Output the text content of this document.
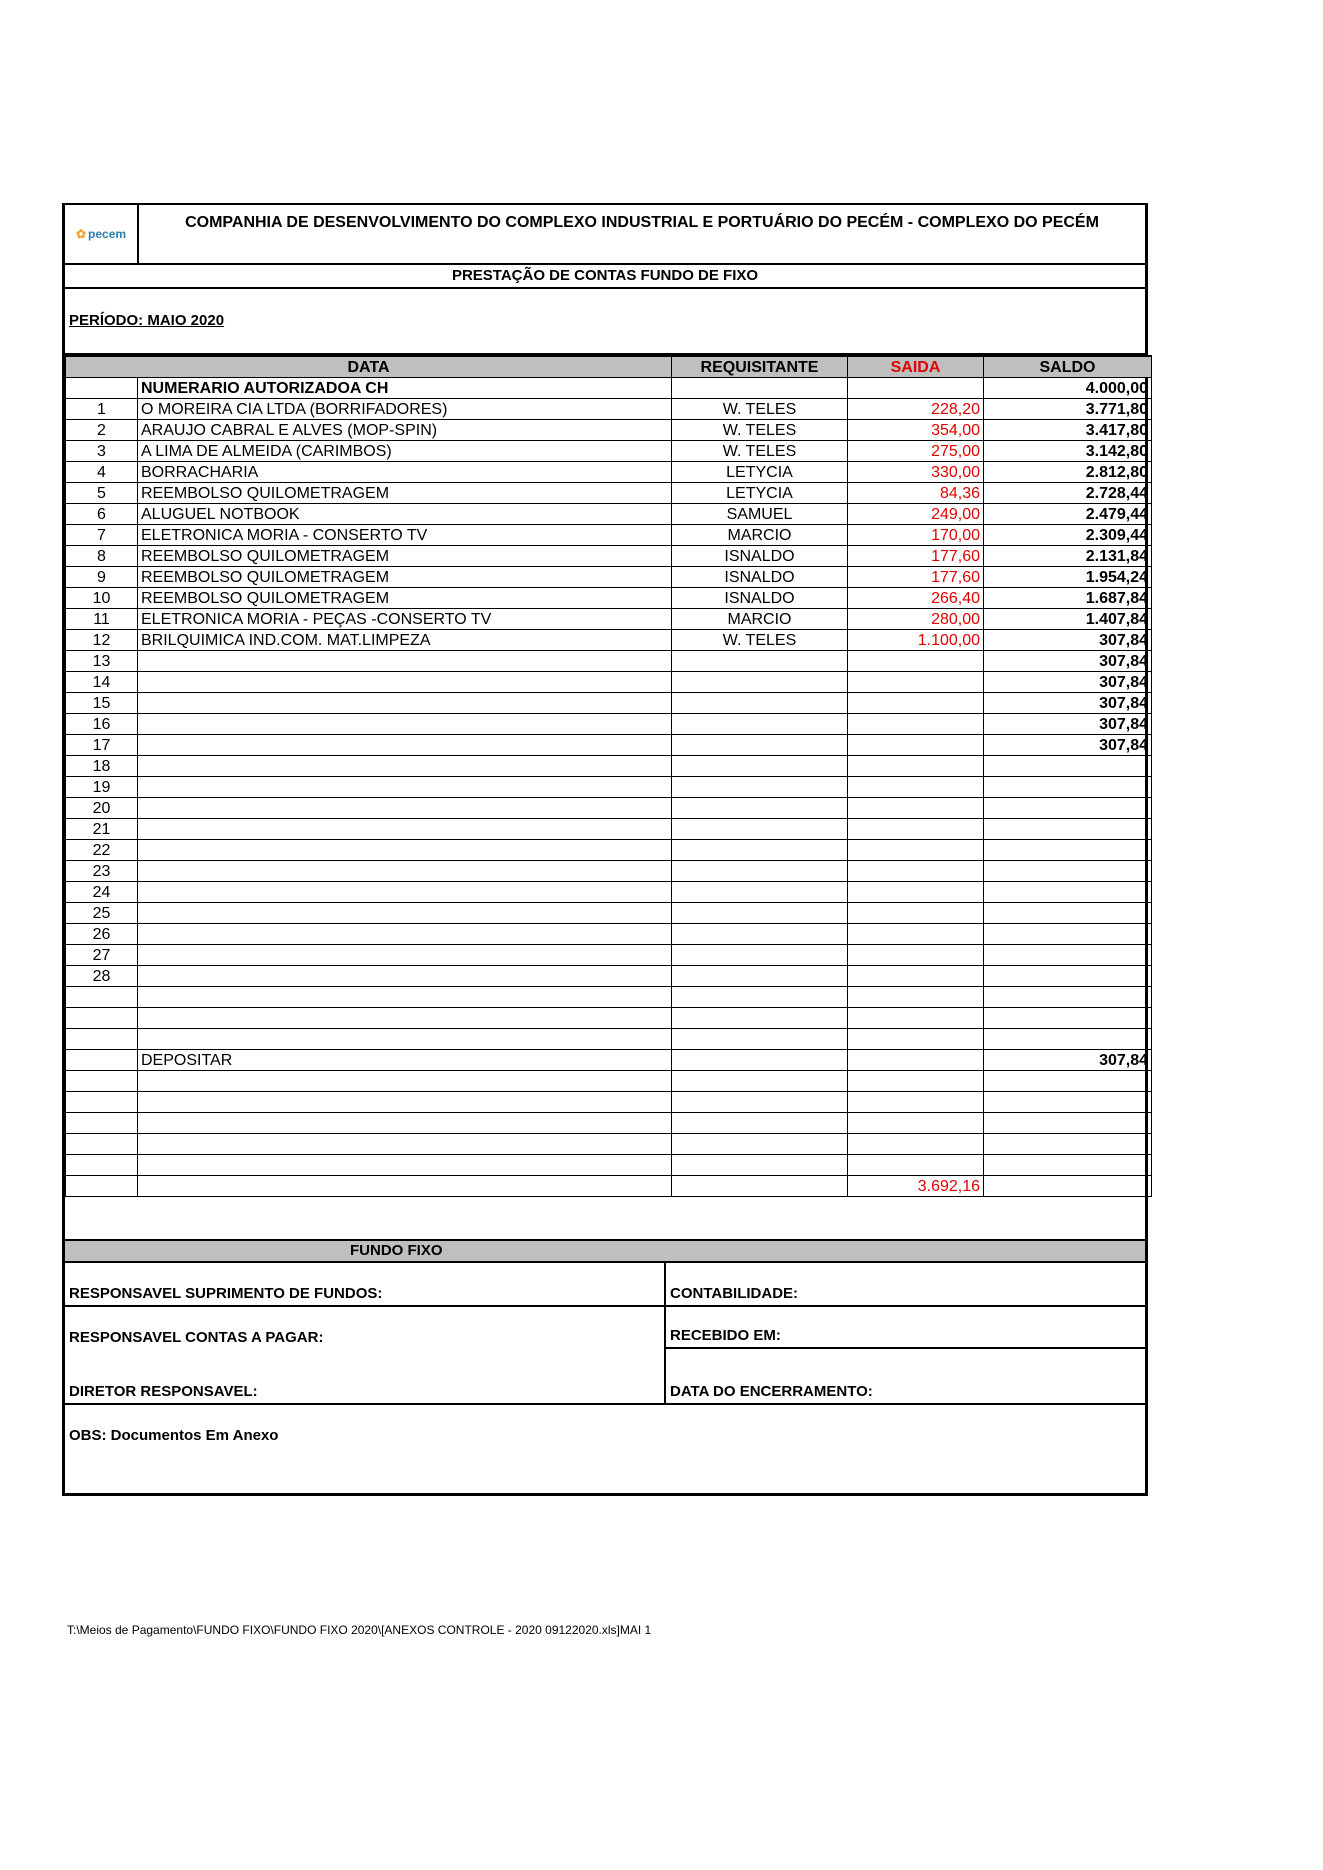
✿ pecem
COMPANHIA DE DESENVOLVIMENTO DO COMPLEXO INDUSTRIAL E PORTUÁRIO DO PECÉM - COMPLEXO DO PECÉM
PRESTAÇÃO DE CONTAS FUNDO DE FIXO
PERÍODO: MAIO 2020
DATA		REQUISITANTE	SAIDA	SALDO
	NUMERARIO AUTORIZADOA CH			4.000,00
1	O MOREIRA CIA LTDA (BORRIFADORES)	W. TELES	228,20	3.771,80
2	ARAUJO CABRAL E ALVES (MOP-SPIN)	W. TELES	354,00	3.417,80
3	A LIMA DE ALMEIDA (CARIMBOS)	W. TELES	275,00	3.142,80
4	BORRACHARIA	LETYCIA	330,00	2.812,80
5	REEMBOLSO QUILOMETRAGEM	LETYCIA	84,36	2.728,44
6	ALUGUEL NOTBOOK	SAMUEL	249,00	2.479,44
7	ELETRONICA MORIA - CONSERTO TV	MARCIO	170,00	2.309,44
8	REEMBOLSO QUILOMETRAGEM	ISNALDO	177,60	2.131,84
9	REEMBOLSO QUILOMETRAGEM	ISNALDO	177,60	1.954,24
10	REEMBOLSO QUILOMETRAGEM	ISNALDO	266,40	1.687,84
11	ELETRONICA MORIA - PEÇAS -CONSERTO TV	MARCIO	280,00	1.407,84
12	BRILQUIMICA IND.COM. MAT.LIMPEZA	W. TELES	1.100,00	307,84
13				307,84
14				307,84
15				307,84
16				307,84
17				307,84
18				
19				
20				
21				
22				
23				
24				
25				
26				
27				
28				

	DEPOSITAR			307,84

			3.692,16	
FUNDO FIXO
RESPONSAVEL SUPRIMENTO DE FUNDOS:
RESPONSAVEL CONTAS A PAGAR:
DIRETOR RESPONSAVEL:
CONTABILIDADE:
RECEBIDO EM:
DATA DO ENCERRAMENTO:
OBS: Documentos Em Anexo
T:\Meios de Pagamento\FUNDO FIXO\FUNDO FIXO 2020\[ANEXOS CONTROLE - 2020 09122020.xls]MAI 1
